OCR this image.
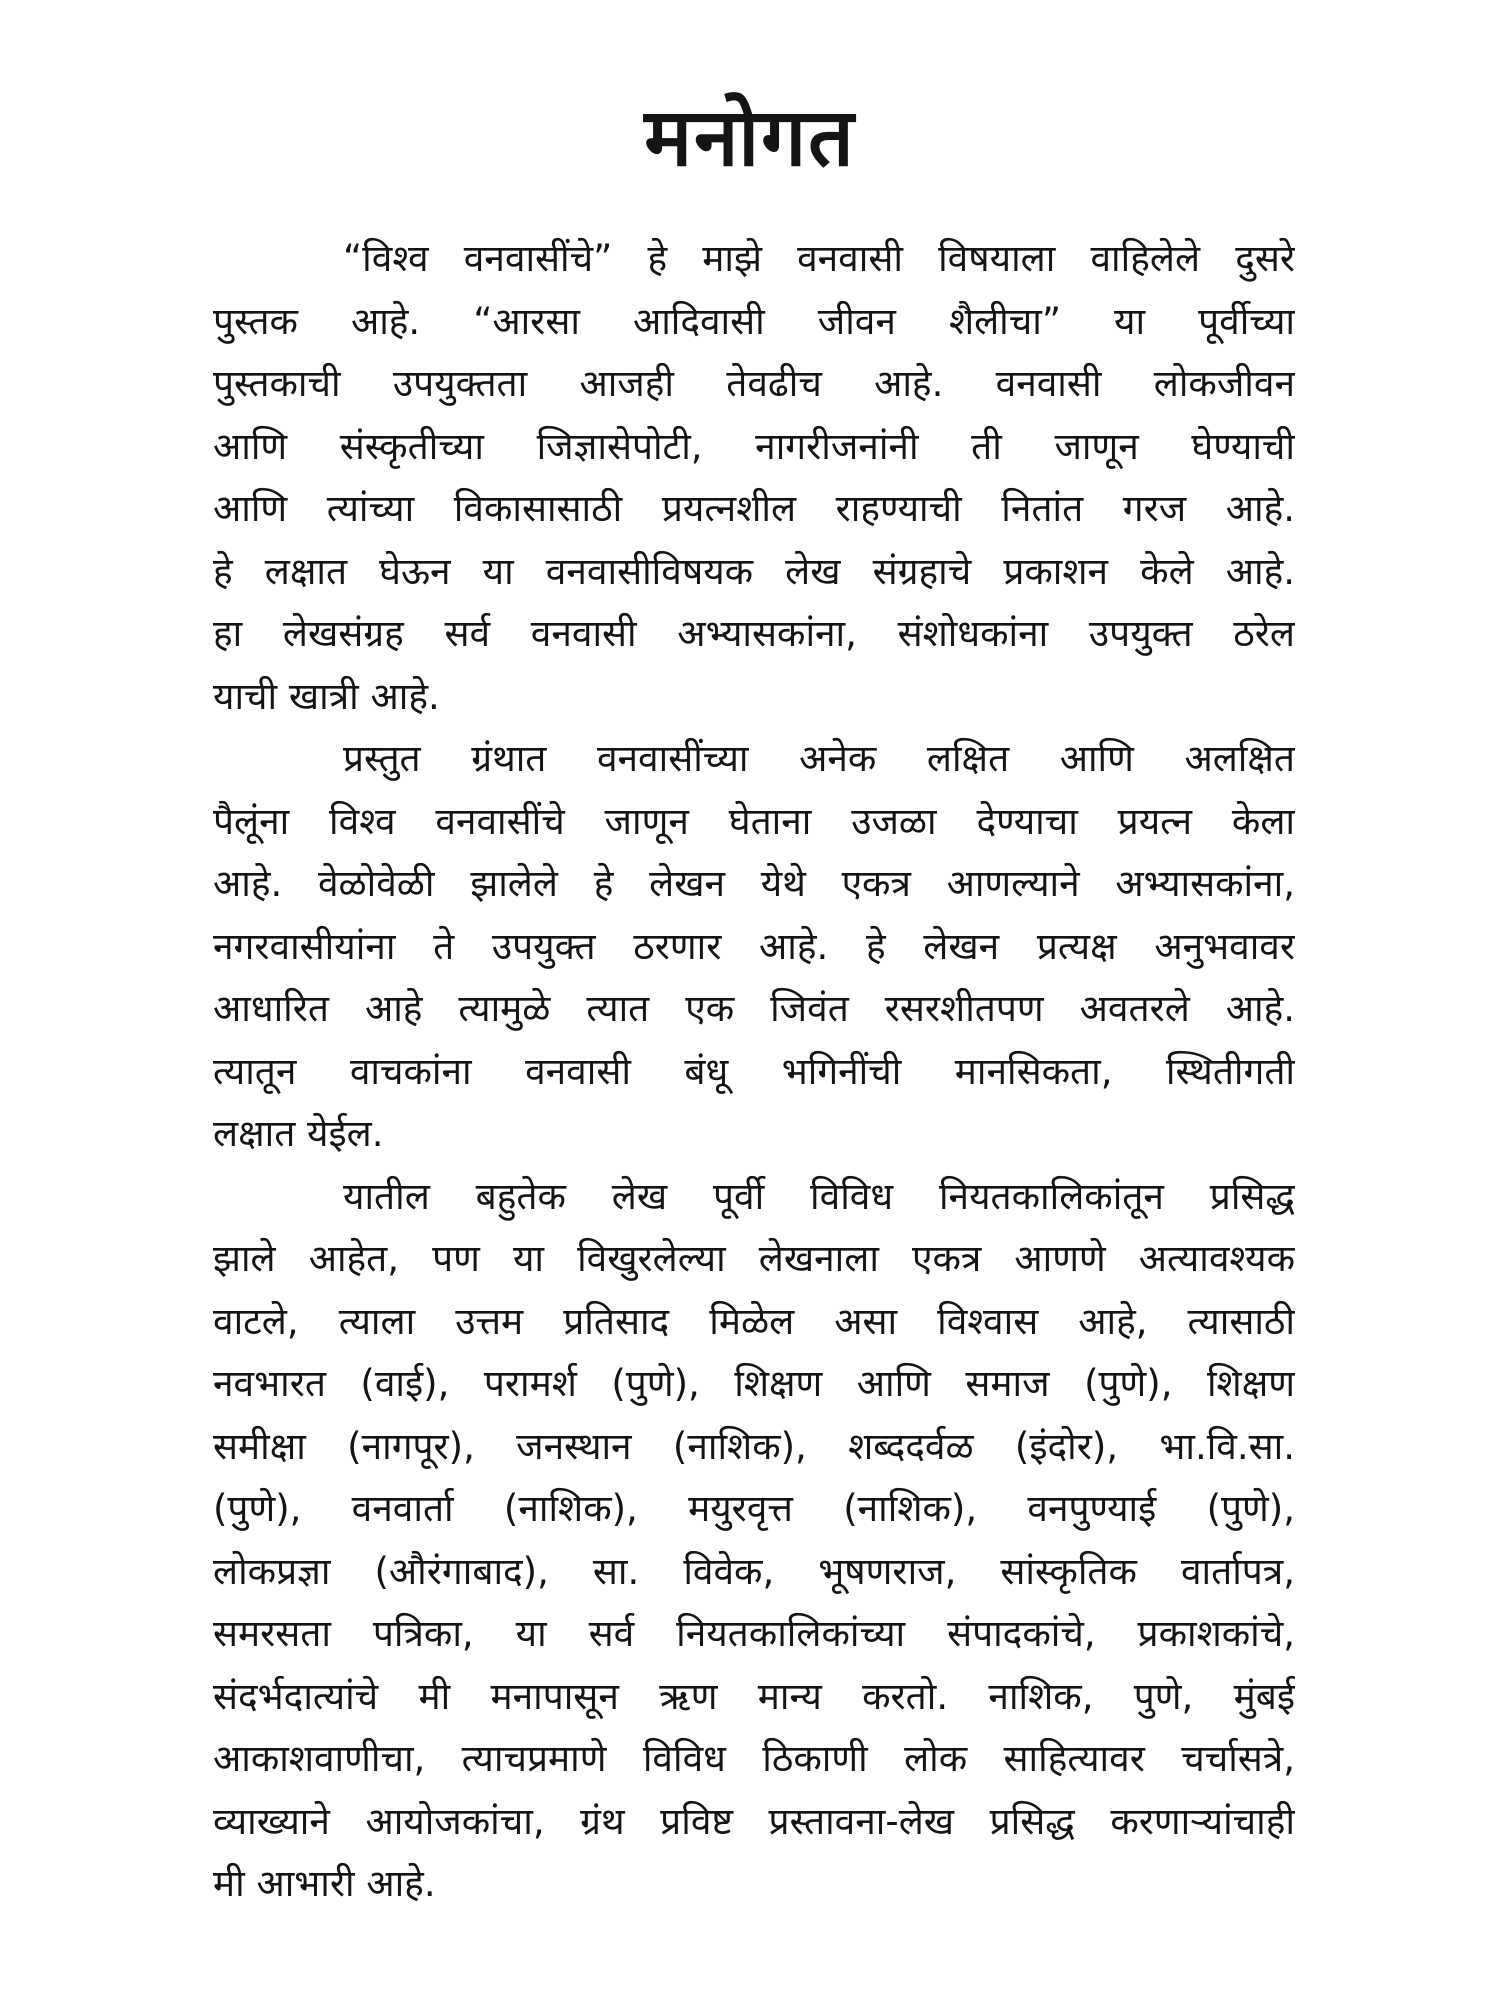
मनोगत
“विश्व वनवासींचे” हे माझे वनवासी विषयाला वाहिलेले दुसरे
पुस्तक आहे. “आरसा आदिवासी जीवन शैलीचा” या पूर्वीच्या
पुस्तकाची उपयुक्तता आजही तेवढीच आहे. वनवासी लोकजीवन
आणि संस्कृतीच्या जिज्ञासेपोटी, नागरीजनांनी ती जाणून घेण्याची
आणि त्यांच्या विकासासाठी प्रयत्नशील राहण्याची नितांत गरज आहे.
हे लक्षात घेऊन या वनवासीविषयक लेख संग्रहाचे प्रकाशन केले आहे.
हा लेखसंग्रह सर्व वनवासी अभ्यासकांना, संशोधकांना उपयुक्त ठरेल
याची खात्री आहे.
प्रस्तुत ग्रंथात वनवासींच्या अनेक लक्षित आणि अलक्षित
पैलूंना विश्व वनवासींचे जाणून घेताना उजळा देण्याचा प्रयत्न केला
आहे. वेळोवेळी झालेले हे लेखन येथे एकत्र आणल्याने अभ्यासकांना,
नगरवासीयांना ते उपयुक्त ठरणार आहे. हे लेखन प्रत्यक्ष अनुभवावर
आधारित आहे त्यामुळे त्यात एक जिवंत रसरशीतपण अवतरले आहे.
त्यातून वाचकांना वनवासी बंधू भगिनींची मानसिकता, स्थितीगती
लक्षात येईल.
यातील बहुतेक लेख पूर्वी विविध नियतकालिकांतून प्रसिद्ध
झाले आहेत, पण या विखुरलेल्या लेखनाला एकत्र आणणे अत्यावश्यक
वाटले, त्याला उत्तम प्रतिसाद मिळेल असा विश्वास आहे, त्यासाठी
नवभारत (वाई), परामर्श (पुणे), शिक्षण आणि समाज (पुणे), शिक्षण
समीक्षा (नागपूर), जनस्थान (नाशिक), शब्ददर्वळ (इंदोर), भा.वि.सा.
(पुणे), वनवार्ता (नाशिक), मयुरवृत्त (नाशिक), वनपुण्याई (पुणे),
लोकप्रज्ञा (औरंगाबाद), सा. विवेक, भूषणराज, सांस्कृतिक वार्तापत्र,
समरसता पत्रिका, या सर्व नियतकालिकांच्या संपादकांचे, प्रकाशकांचे,
संदर्भदात्यांचे मी मनापासून ऋण मान्य करतो. नाशिक, पुणे, मुंबई
आकाशवाणीचा, त्याचप्रमाणे विविध ठिकाणी लोक साहित्यावर चर्चासत्रे,
व्याख्याने आयोजकांचा, ग्रंथ प्रविष्ट प्रस्तावना-लेख प्रसिद्ध करणाऱ्यांचाही
मी आभारी आहे.
